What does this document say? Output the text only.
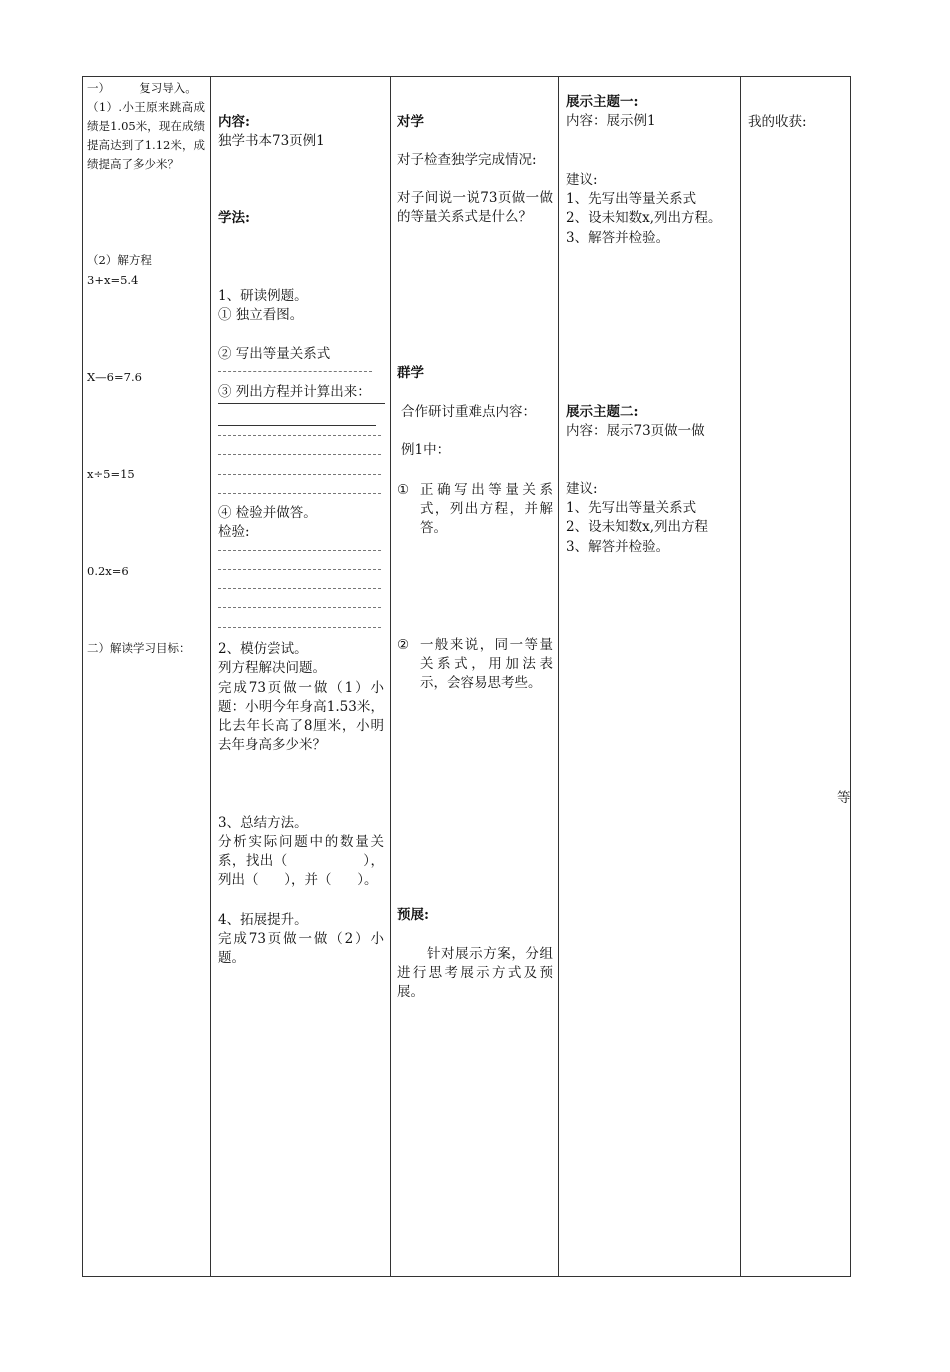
一）        复习导入。

（1）.小王原来跳高成绩是1.05米，现在成绩提高达到了1.12米，成绩提高了多少米？

（2）解方程

3+x=5.4

X—6=7.6

x÷5=15

0.2x=6

二）解读学习目标：

内容:

独学书本73页例1

学法:

1、研读例题。

① 独立看图。

② 写出等量关系式

③ 列出方程并计算出来：

④ 检验并做答。

检验:

2、模仿尝试。

列方程解决问题。

完成73页做一做（1）小题：小明今年身高1.53米，比去年长高了8厘米，小明去年身高多少米？

3、总结方法。

分析实际问题中的数量关系，找出（                ），列出（      ），并（      ）。

4、拓展提升。

完成73页做一做（2）小题。

对学

对子检查独学完成情况:

对子间说一说73页做一做的等量关系式是什么？

群学

合作研讨重难点内容：

例1中：

① 正确写出等量关系式，列出方程，并解答。

② 一般来说，同一等量关系式，用加法表示，会容易思考些。

预展:

针对展示方案，分组进行思考展示方式及预展。

展示主题一:

内容：展示例1

建议:

1、先写出等量关系式

2、设未知数x,列出方程。

3、解答并检验。

展示主题二:

内容：展示73页做一做

建议:

1、先写出等量关系式

2、设未知数x,列出方程

3、解答并检验。

我的收获:

等
